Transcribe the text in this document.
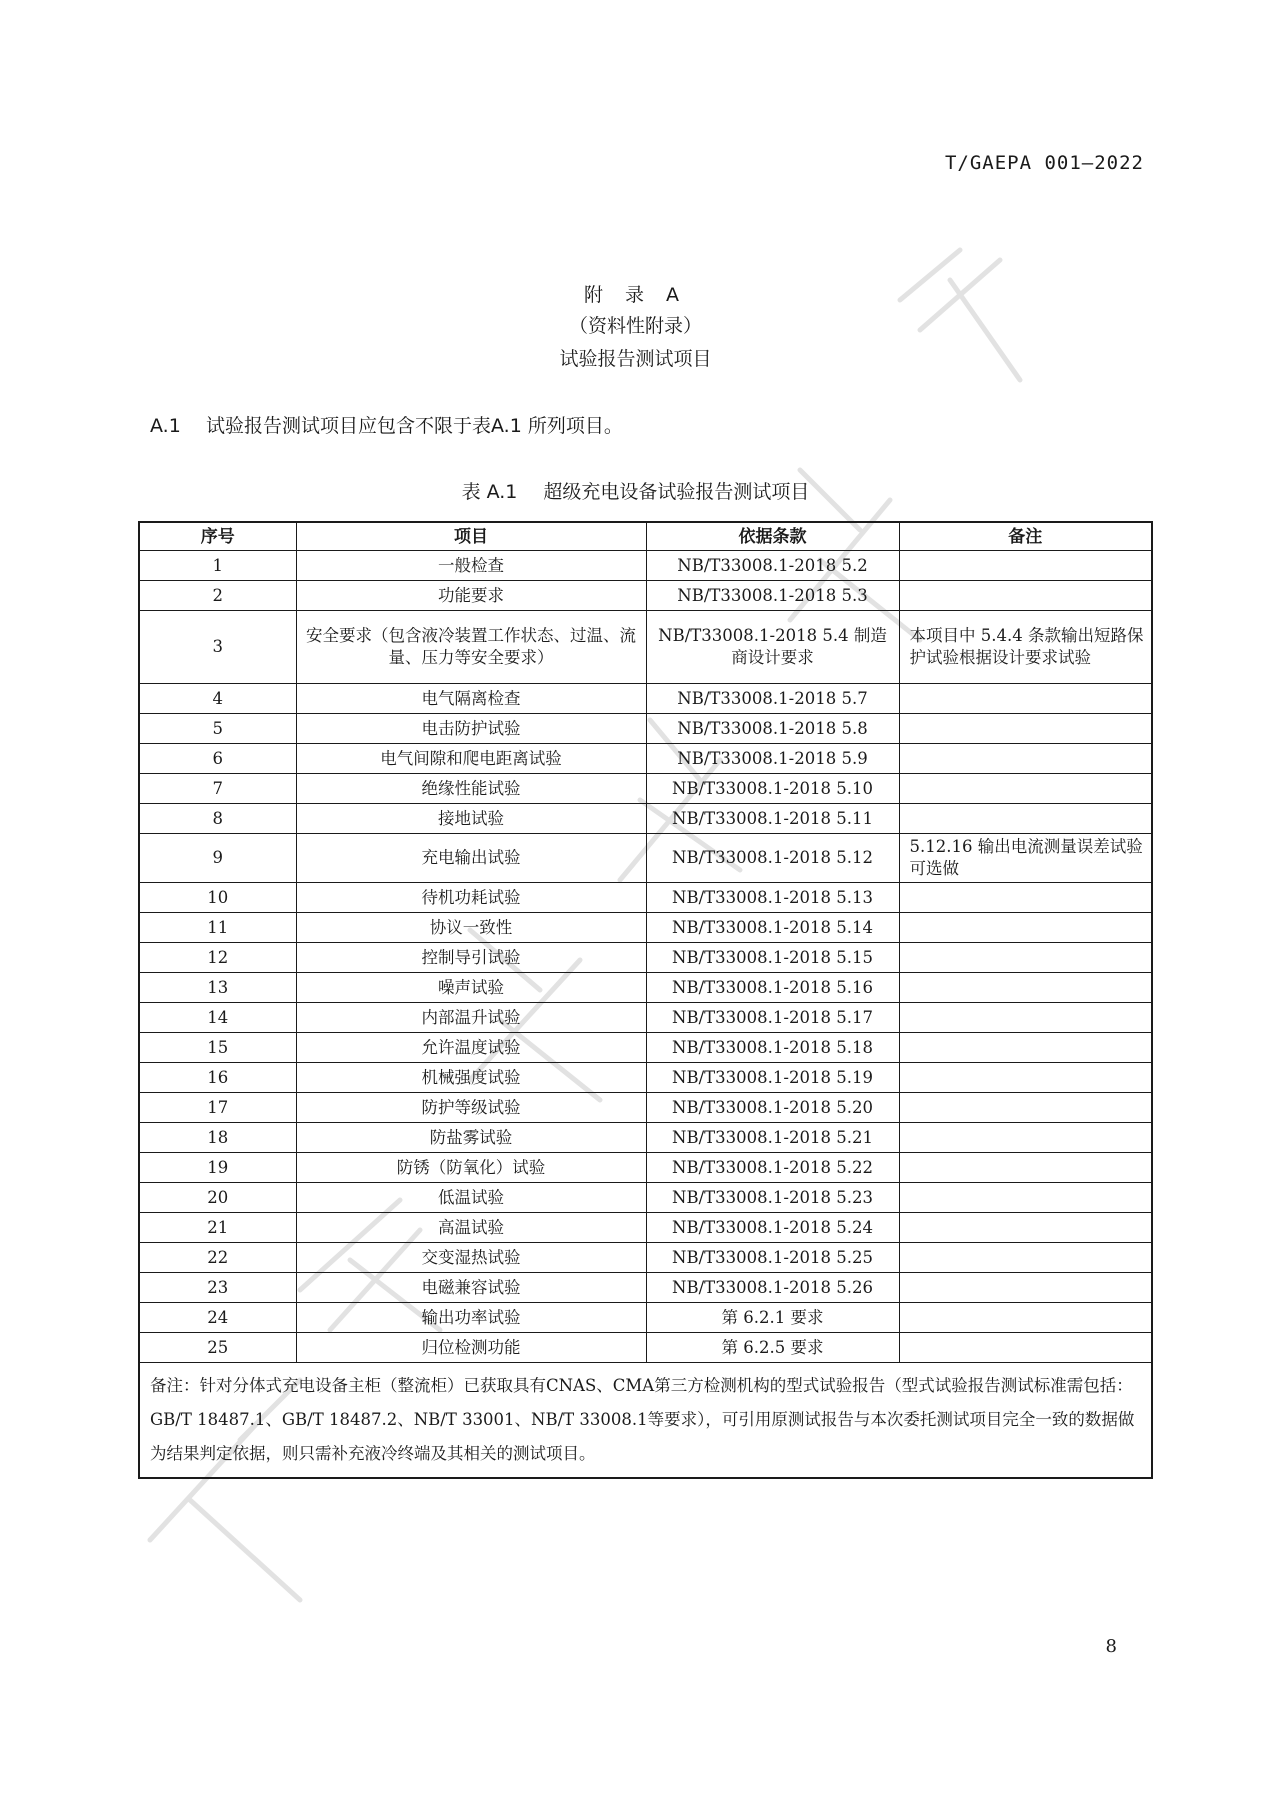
T/GAEPA 001—2022
附 录 A
（资料性附录）
试验报告测试项目
A.1 试验报告测试项目应包含不限于表A.1 所列项目。
表 A.1 超级充电设备试验报告测试项目
序号	项目	依据条款	备注
1	一般检查	NB/T33008.1-2018 5.2	
2	功能要求	NB/T33008.1-2018 5.3	
3	安全要求（包含液冷装置工作状态、过温、流量、压力等安全要求）	NB/T33008.1-2018 5.4 制造商设计要求	本项目中 5.4.4 条款输出短路保护试验根据设计要求试验
4	电气隔离检查	NB/T33008.1-2018 5.7	
5	电击防护试验	NB/T33008.1-2018 5.8	
6	电气间隙和爬电距离试验	NB/T33008.1-2018 5.9	
7	绝缘性能试验	NB/T33008.1-2018 5.10	
8	接地试验	NB/T33008.1-2018 5.11	
9	充电输出试验	NB/T33008.1-2018 5.12	5.12.16 输出电流测量误差试验可选做
10	待机功耗试验	NB/T33008.1-2018 5.13	
11	协议一致性	NB/T33008.1-2018 5.14	
12	控制导引试验	NB/T33008.1-2018 5.15	
13	噪声试验	NB/T33008.1-2018 5.16	
14	内部温升试验	NB/T33008.1-2018 5.17	
15	允许温度试验	NB/T33008.1-2018 5.18	
16	机械强度试验	NB/T33008.1-2018 5.19	
17	防护等级试验	NB/T33008.1-2018 5.20	
18	防盐雾试验	NB/T33008.1-2018 5.21	
19	防锈（防氧化）试验	NB/T33008.1-2018 5.22	
20	低温试验	NB/T33008.1-2018 5.23	
21	高温试验	NB/T33008.1-2018 5.24	
22	交变湿热试验	NB/T33008.1-2018 5.25	
23	电磁兼容试验	NB/T33008.1-2018 5.26	
24	输出功率试验	第 6.2.1 要求	
25	归位检测功能	第 6.2.5 要求	
备注：针对分体式充电设备主柜（整流柜）已获取具有CNAS、CMA第三方检测机构的型式试验报告（型式试验报告测试标准需包括：GB/T 18487.1、GB/T 18487.2、NB/T 33001、NB/T 33008.1等要求），可引用原测试报告与本次委托测试项目完全一致的数据做为结果判定依据，则只需补充液冷终端及其相关的测试项目。			
8
